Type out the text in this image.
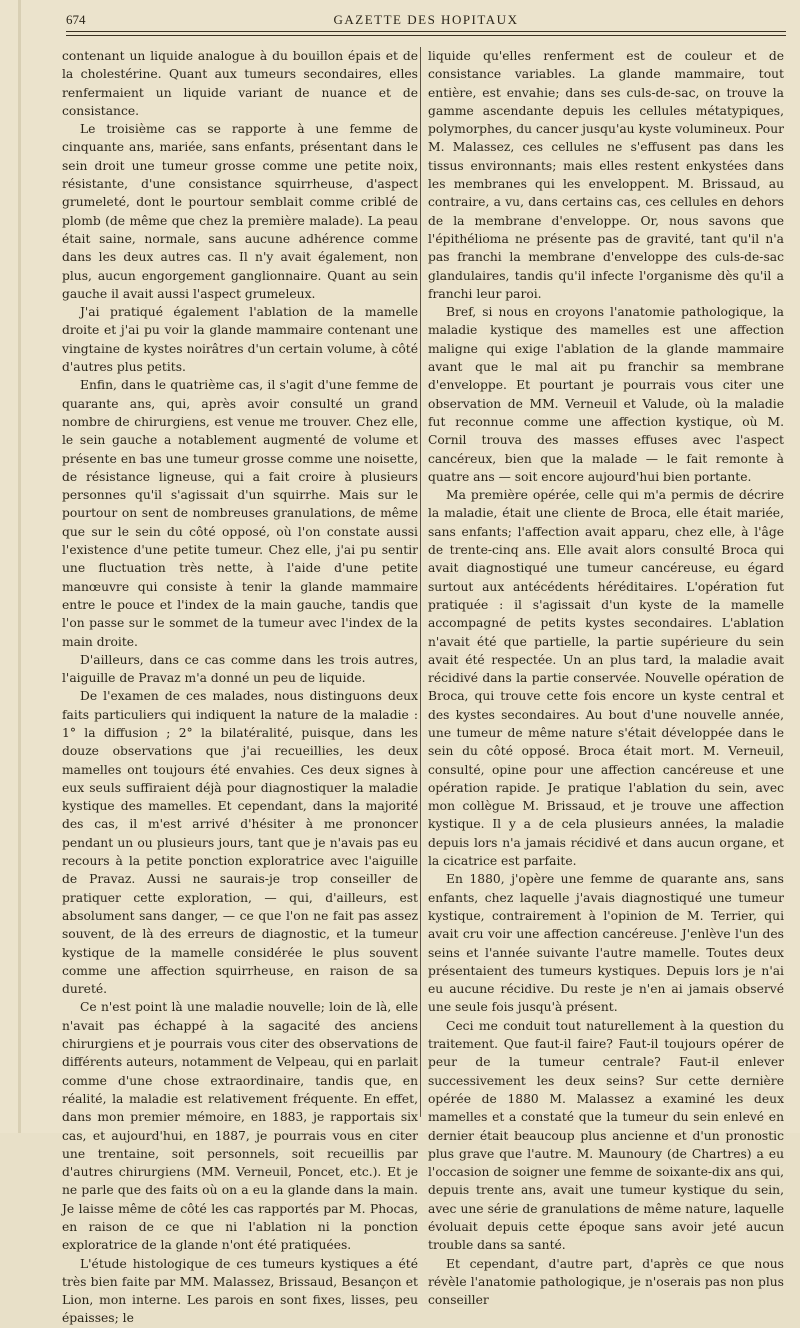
674	GAZETTE DES HOPITAUX

contenant un liquide analogue à du bouillon épais et de la cholestérine. Quant aux tumeurs secondaires, elles renfermaient un liquide variant de nuance et de consistance.

Le troisième cas se rapporte à une femme de cinquante ans, mariée, sans enfants, présentant dans le sein droit une tumeur grosse comme une petite noix, résistante, d'une consistance squirrheuse, d'aspect grumeleté, dont le pourtour semblait comme criblé de plomb (de même que chez la première malade). La peau était saine, normale, sans aucune adhérence comme dans les deux autres cas. Il n'y avait également, non plus, aucun engorgement ganglionnaire. Quant au sein gauche il avait aussi l'aspect grumeleux.

J'ai pratiqué également l'ablation de la mamelle droite et j'ai pu voir la glande mammaire contenant une vingtaine de kystes noirâtres d'un certain volume, à côté d'autres plus petits.

Enfin, dans le quatrième cas, il s'agit d'une femme de quarante ans, qui, après avoir consulté un grand nombre de chirurgiens, est venue me trouver. Chez elle, le sein gauche a notablement augmenté de volume et présente en bas une tumeur grosse comme une noisette, de résistance ligneuse, qui a fait croire à plusieurs personnes qu'il s'agissait d'un squirrhe. Mais sur le pourtour on sent de nombreuses granulations, de même que sur le sein du côté opposé, où l'on constate aussi l'existence d'une petite tumeur. Chez elle, j'ai pu sentir une fluctuation très nette, à l'aide d'une petite manœuvre qui consiste à tenir la glande mammaire entre le pouce et l'index de la main gauche, tandis que l'on passe sur le sommet de la tumeur avec l'index de la main droite.

D'ailleurs, dans ce cas comme dans les trois autres, l'aiguille de Pravaz m'a donné un peu de liquide.

De l'examen de ces malades, nous distinguons deux faits particuliers qui indiquent la nature de la maladie : 1° la diffusion ; 2° la bilatéralité, puisque, dans les douze observations que j'ai recueillies, les deux mamelles ont toujours été envahies. Ces deux signes à eux seuls suffiraient déjà pour diagnostiquer la maladie kystique des mamelles. Et cependant, dans la majorité des cas, il m'est arrivé d'hésiter à me prononcer pendant un ou plusieurs jours, tant que je n'avais pas eu recours à la petite ponction exploratrice avec l'aiguille de Pravaz. Aussi ne saurais-je trop conseiller de pratiquer cette exploration, — qui, d'ailleurs, est absolument sans danger, — ce que l'on ne fait pas assez souvent, de là des erreurs de diagnostic, et la tumeur kystique de la mamelle considérée le plus souvent comme une affection squirrheuse, en raison de sa dureté.

Ce n'est point là une maladie nouvelle; loin de là, elle n'avait pas échappé à la sagacité des anciens chirurgiens et je pourrais vous citer des observations de différents auteurs, notamment de Velpeau, qui en parlait comme d'une chose extraordinaire, tandis que, en réalité, la maladie est relativement fréquente. En effet, dans mon premier mémoire, en 1883, je rapportais six cas, et aujourd'hui, en 1887, je pourrais vous en citer une trentaine, soit personnels, soit recueillis par d'autres chirurgiens (MM. Verneuil, Poncet, etc.). Et je ne parle que des faits où on a eu la glande dans la main. Je laisse même de côté les cas rapportés par M. Phocas, en raison de ce que ni l'ablation ni la ponction exploratrice de la glande n'ont été pratiquées.

L'étude histologique de ces tumeurs kystiques a été très bien faite par MM. Malassez, Brissaud, Besançon et Lion, mon interne. Les parois en sont fixes, lisses, peu épaisses; le

liquide qu'elles renferment est de couleur et de consistance variables. La glande mammaire, tout entière, est envahie; dans ses culs-de-sac, on trouve la gamme ascendante depuis les cellules métatypiques, polymorphes, du cancer jusqu'au kyste volumineux. Pour M. Malassez, ces cellules ne s'effusent pas dans les tissus environnants; mais elles restent enkystées dans les membranes qui les enveloppent. M. Brissaud, au contraire, a vu, dans certains cas, ces cellules en dehors de la membrane d'enveloppe. Or, nous savons que l'épithélioma ne présente pas de gravité, tant qu'il n'a pas franchi la membrane d'enveloppe des culs-de-sac glandulaires, tandis qu'il infecte l'organisme dès qu'il a franchi leur paroi.

Bref, si nous en croyons l'anatomie pathologique, la maladie kystique des mamelles est une affection maligne qui exige l'ablation de la glande mammaire avant que le mal ait pu franchir sa membrane d'enveloppe. Et pourtant je pourrais vous citer une observation de MM. Verneuil et Valude, où la maladie fut reconnue comme une affection kystique, où M. Cornil trouva des masses effuses avec l'aspect cancéreux, bien que la malade — le fait remonte à quatre ans — soit encore aujourd'hui bien portante.

Ma première opérée, celle qui m'a permis de décrire la maladie, était une cliente de Broca, elle était mariée, sans enfants; l'affection avait apparu, chez elle, à l'âge de trente-cinq ans. Elle avait alors consulté Broca qui avait diagnostiqué une tumeur cancéreuse, eu égard surtout aux antécédents héréditaires. L'opération fut pratiquée : il s'agissait d'un kyste de la mamelle accompagné de petits kystes secondaires. L'ablation n'avait été que partielle, la partie supérieure du sein avait été respectée. Un an plus tard, la maladie avait récidivé dans la partie conservée. Nouvelle opération de Broca, qui trouve cette fois encore un kyste central et des kystes secondaires. Au bout d'une nouvelle année, une tumeur de même nature s'était développée dans le sein du côté opposé. Broca était mort. M. Verneuil, consulté, opine pour une affection cancéreuse et une opération rapide. Je pratique l'ablation du sein, avec mon collègue M. Brissaud, et je trouve une affection kystique. Il y a de cela plusieurs années, la maladie depuis lors n'a jamais récidivé et dans aucun organe, et la cicatrice est parfaite.

En 1880, j'opère une femme de quarante ans, sans enfants, chez laquelle j'avais diagnostiqué une tumeur kystique, contrairement à l'opinion de M. Terrier, qui avait cru voir une affection cancéreuse. J'enlève l'un des seins et l'année suivante l'autre mamelle. Toutes deux présentaient des tumeurs kystiques. Depuis lors je n'ai eu aucune récidive. Du reste je n'en ai jamais observé une seule fois jusqu'à présent.

Ceci me conduit tout naturellement à la question du traitement. Que faut-il faire? Faut-il toujours opérer de peur de la tumeur centrale? Faut-il enlever successivement les deux seins? Sur cette dernière opérée de 1880 M. Malassez a examiné les deux mamelles et a constaté que la tumeur du sein enlevé en dernier était beaucoup plus ancienne et d'un pronostic plus grave que l'autre. M. Maunoury (de Chartres) a eu l'occasion de soigner une femme de soixante-dix ans qui, depuis trente ans, avait une tumeur kystique du sein, avec une série de granulations de même nature, laquelle évoluait depuis cette époque sans avoir jeté aucun trouble dans sa santé.

Et cependant, d'autre part, d'après ce que nous révèle l'anatomie pathologique, je n'oserais pas non plus conseiller
